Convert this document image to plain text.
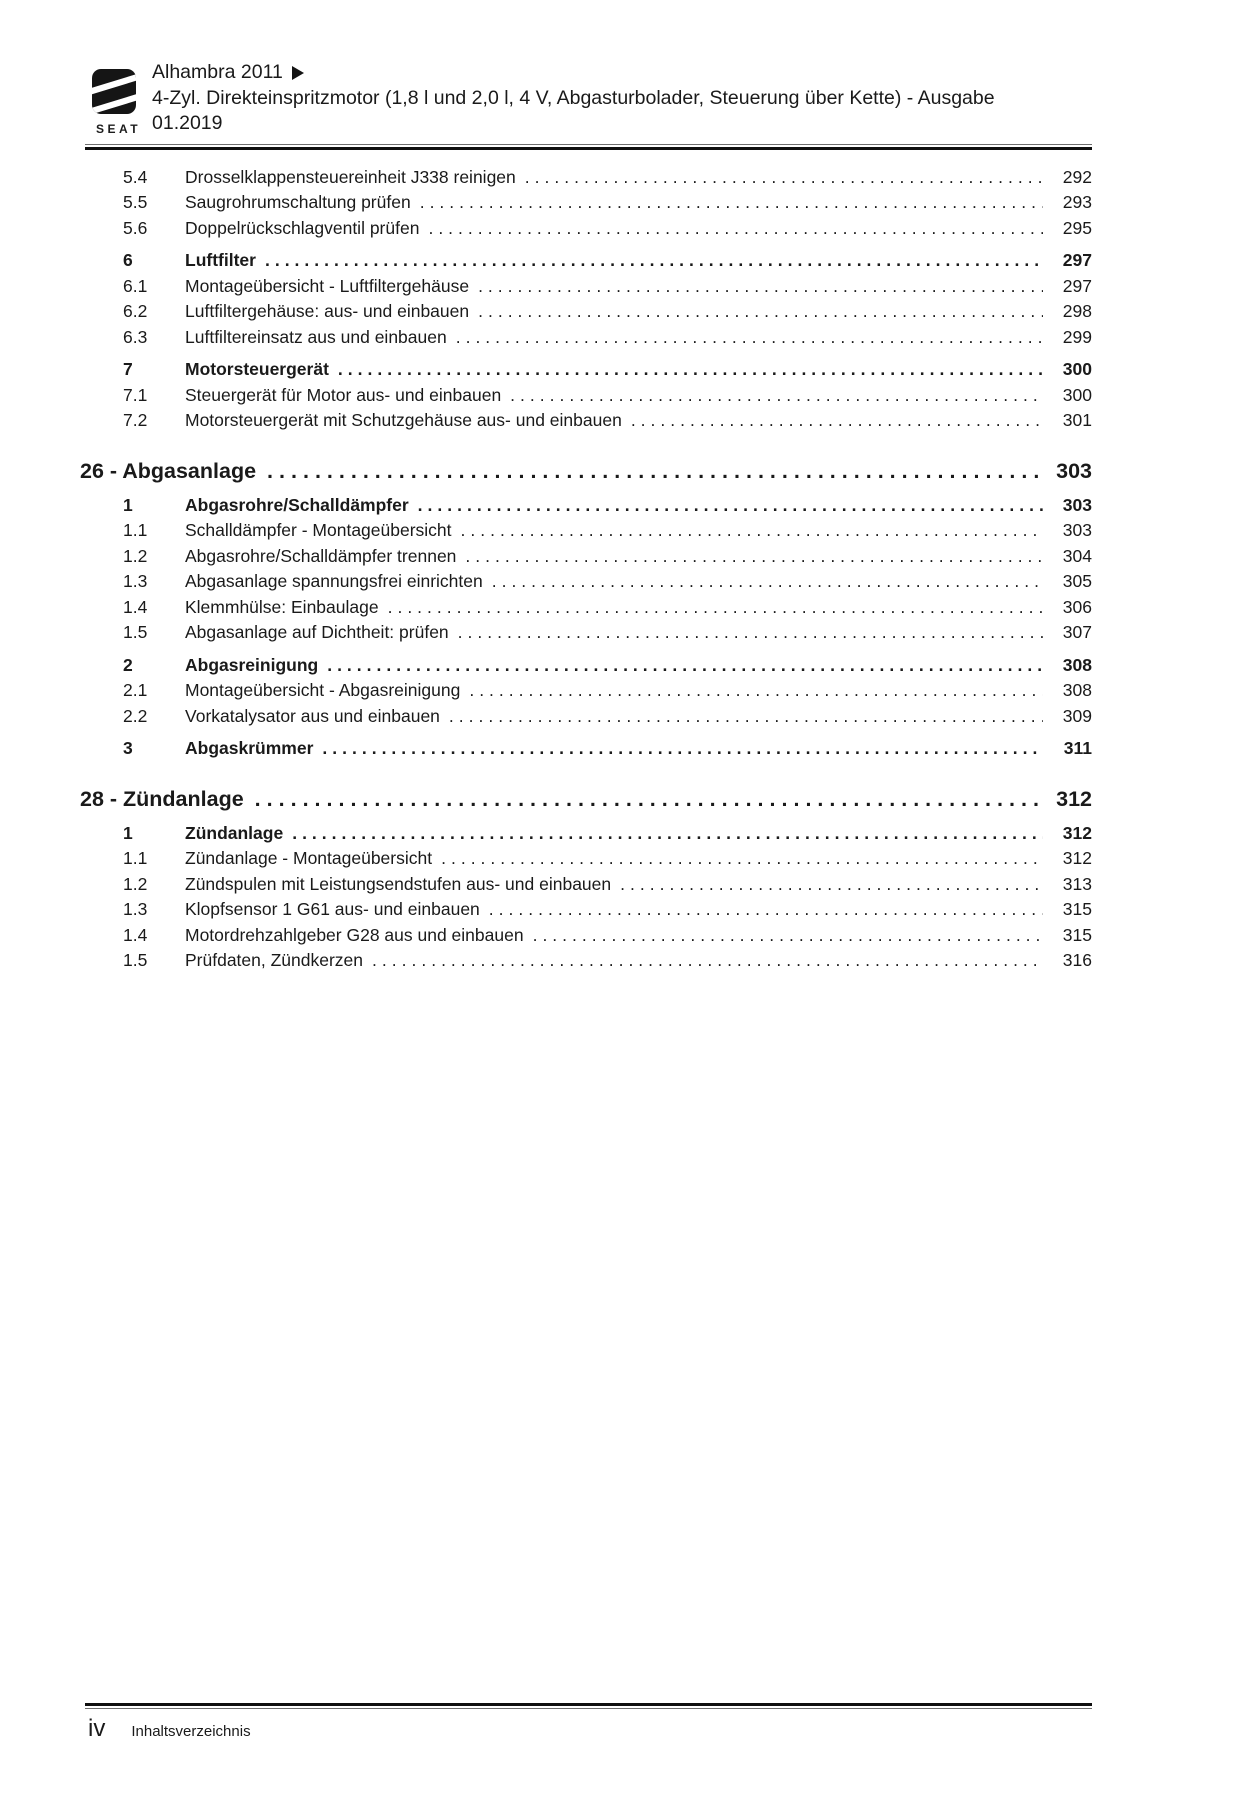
SEAT
Alhambra 2011
4-Zyl. Direkteinspritzmotor (1,8 l und 2,0 l, 4 V, Abgasturbolader, Steuerung über Kette) - Ausgabe
01.2019
5.4	Drosselklappensteuereinheit J338 reinigen .....	292
5.5	Saugrohrumschaltung prüfen .....	293
5.6	Doppelrückschlagventil prüfen .....	295
6	Luftfilter .....	297
6.1	Montageübersicht - Luftfiltergehäuse .....	297
6.2	Luftfiltergehäuse: aus- und einbauen .....	298
6.3	Luftfiltereinsatz aus und einbauen .....	299
7	Motorsteuergerät .....	300
7.1	Steuergerät für Motor aus- und einbauen .....	300
7.2	Motorsteuergerät mit Schutzgehäuse aus- und einbauen .....	301
26 - Abgasanlage .....	303
1	Abgasrohre/Schalldämpfer .....	303
1.1	Schalldämpfer - Montageübersicht .....	303
1.2	Abgasrohre/Schalldämpfer trennen .....	304
1.3	Abgasanlage spannungsfrei einrichten .....	305
1.4	Klemmhülse: Einbaulage .....	306
1.5	Abgasanlage auf Dichtheit: prüfen .....	307
2	Abgasreinigung .....	308
2.1	Montageübersicht - Abgasreinigung .....	308
2.2	Vorkatalysator aus und einbauen .....	309
3	Abgaskrümmer .....	311
28 - Zündanlage .....	312
1	Zündanlage .....	312
1.1	Zündanlage - Montageübersicht .....	312
1.2	Zündspulen mit Leistungsendstufen aus- und einbauen .....	313
1.3	Klopfsensor 1 G61 aus- und einbauen .....	315
1.4	Motordrehzahlgeber G28 aus und einbauen .....	315
1.5	Prüfdaten, Zündkerzen .....	316
iv Inhaltsverzeichnis
